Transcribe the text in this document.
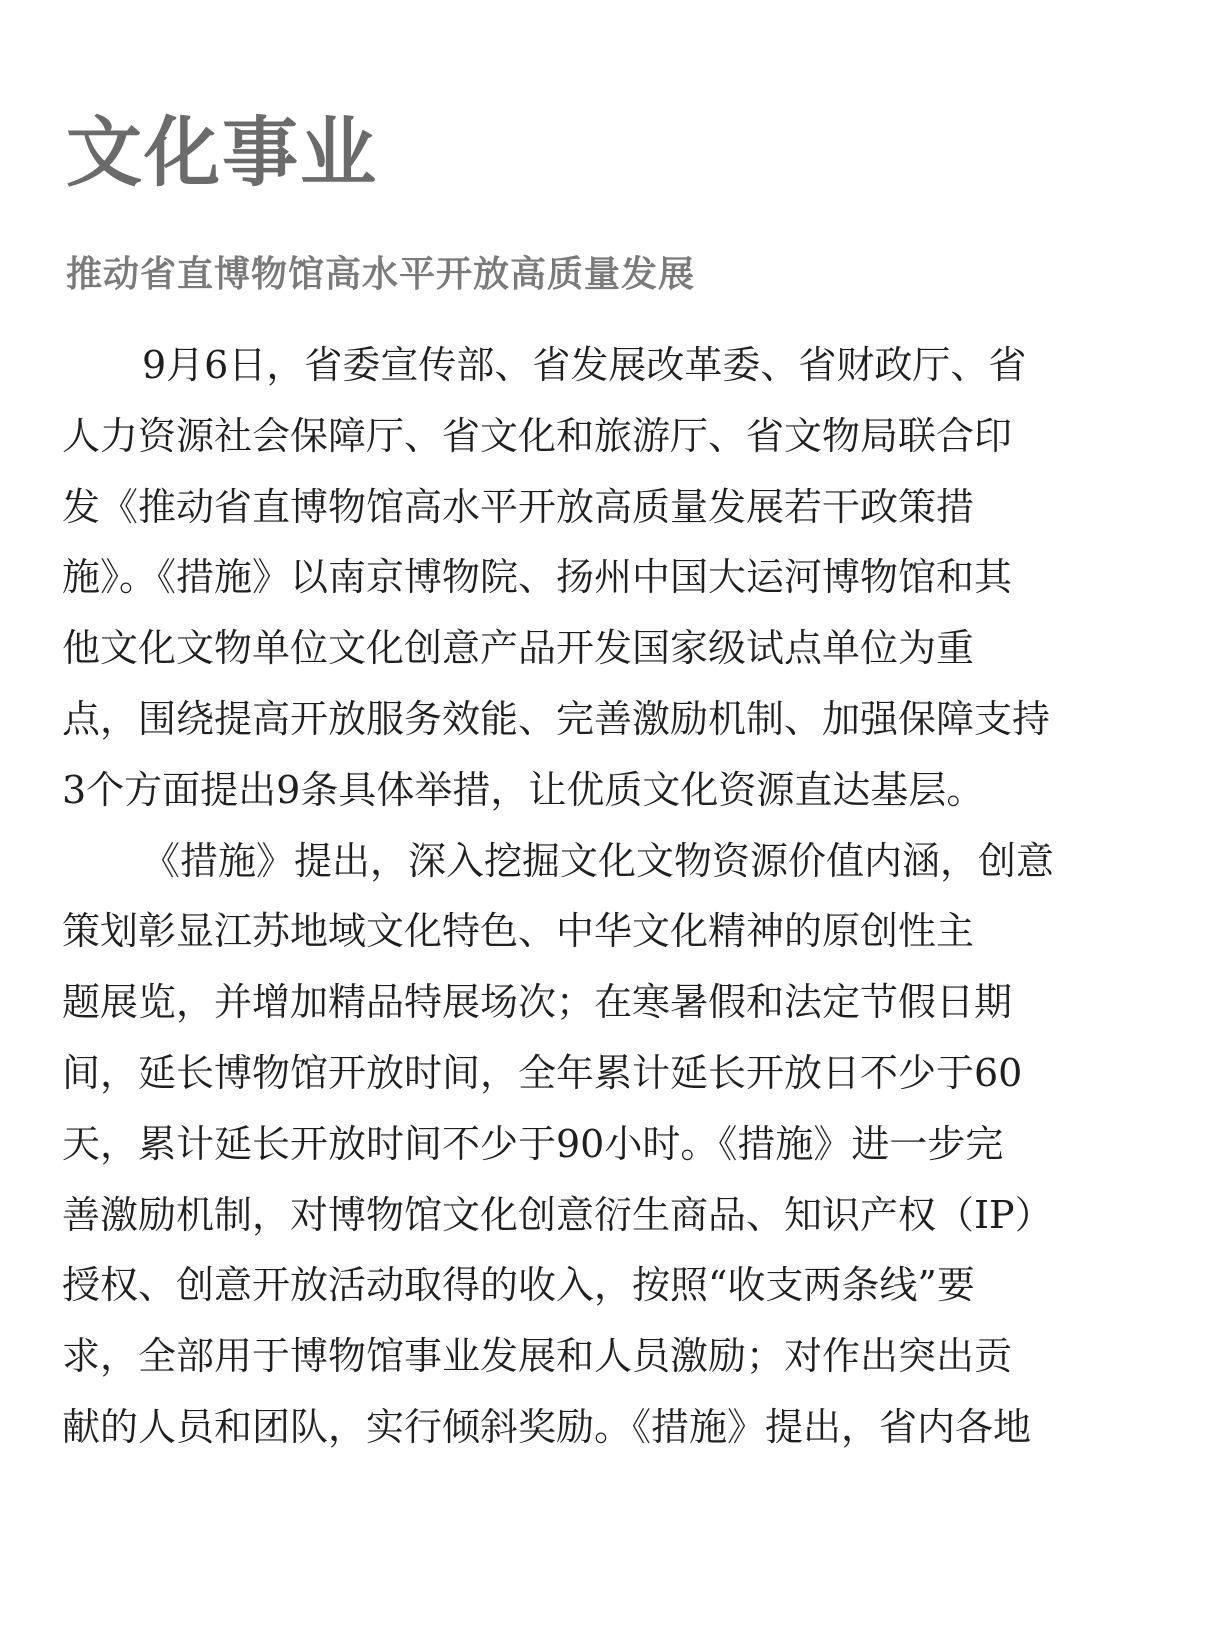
文化事业
推动省直博物馆高水平开放高质量发展
9月6日，省委宣传部、省发展改革委、省财政厅、省
人力资源社会保障厅、省文化和旅游厅、省文物局联合印
发《推动省直博物馆高水平开放高质量发展若干政策措
施》。《措施》以南京博物院、扬州中国大运河博物馆和其
他文化文物单位文化创意产品开发国家级试点单位为重
点，围绕提高开放服务效能、完善激励机制、加强保障支持
3个方面提出9条具体举措，让优质文化资源直达基层。
《措施》提出，深入挖掘文化文物资源价值内涵，创意
策划彰显江苏地域文化特色、中华文化精神的原创性主
题展览，并增加精品特展场次；在寒暑假和法定节假日期
间，延长博物馆开放时间，全年累计延长开放日不少于60
天，累计延长开放时间不少于90小时。《措施》进一步完
善激励机制，对博物馆文化创意衍生商品、知识产权（IP）
授权、创意开放活动取得的收入，按照“收支两条线”要
求，全部用于博物馆事业发展和人员激励；对作出突出贡
献的人员和团队，实行倾斜奖励。《措施》提出，省内各地
